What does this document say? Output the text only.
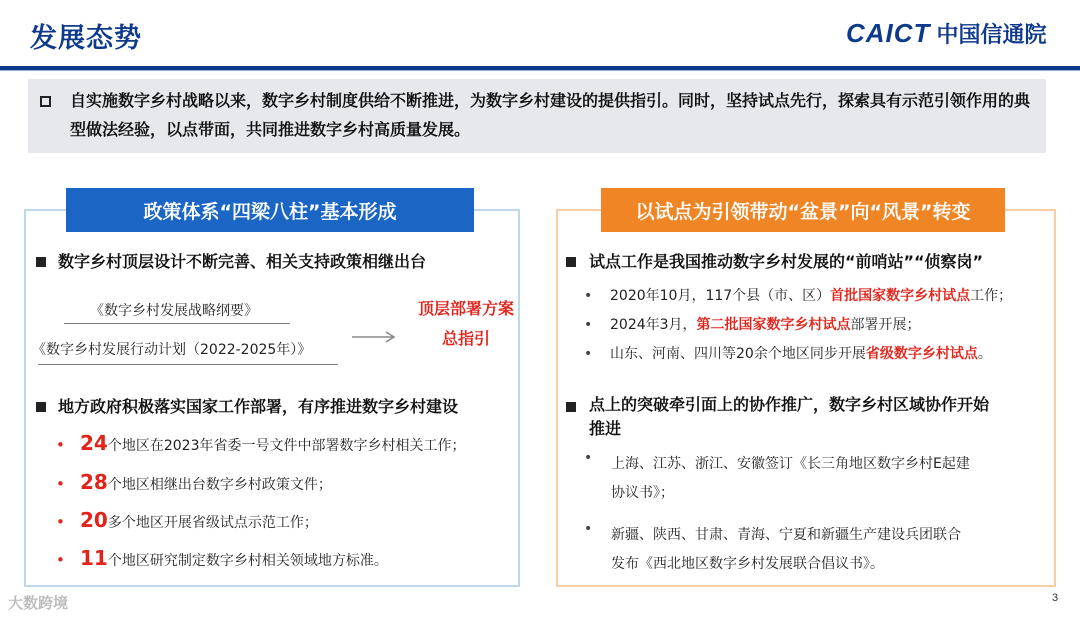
发展态势	CAICT 中国信通院
自实施数字乡村战略以来，数字乡村制度供给不断推进，为数字乡村建设的提供指引。同时，坚持试点先行，探索具有示范引领作用的典型做法经验，以点带面，共同推进数字乡村高质量发展。
政策体系“四梁八柱”基本形成
数字乡村顶层设计不断完善、相关支持政策相继出台
《数字乡村发展战略纲要》
《数字乡村发展行动计划（2022-2025年）》
顶层部署方案
总指引
地方政府积极落实国家工作部署，有序推进数字乡村建设
• 24 个地区在2023年省委一号文件中部署数字乡村相关工作；
• 28 个地区相继出台数字乡村政策文件；
• 20 多个地区开展省级试点示范工作；
• 11 个地区研究制定数字乡村相关领域地方标准。
以试点为引领带动“盆景”向“风景”转变
试点工作是我国推动数字乡村发展的“前哨站”“侦察岗”
• 2020年10月，117个县（市、区）首批国家数字乡村试点工作；
• 2024年3月，第二批国家数字乡村试点部署开展；
• 山东、河南、四川等20余个地区同步开展省级数字乡村试点。
点上的突破牵引面上的协作推广，数字乡村区域协作开始
推进
• 上海、江苏、浙江、安徽签订《长三角地区数字乡村E起建
协议书》；
• 新疆、陕西、甘肃、青海、宁夏和新疆生产建设兵团联合
发布《西北地区数字乡村发展联合倡议书》。
大数跨境	3
